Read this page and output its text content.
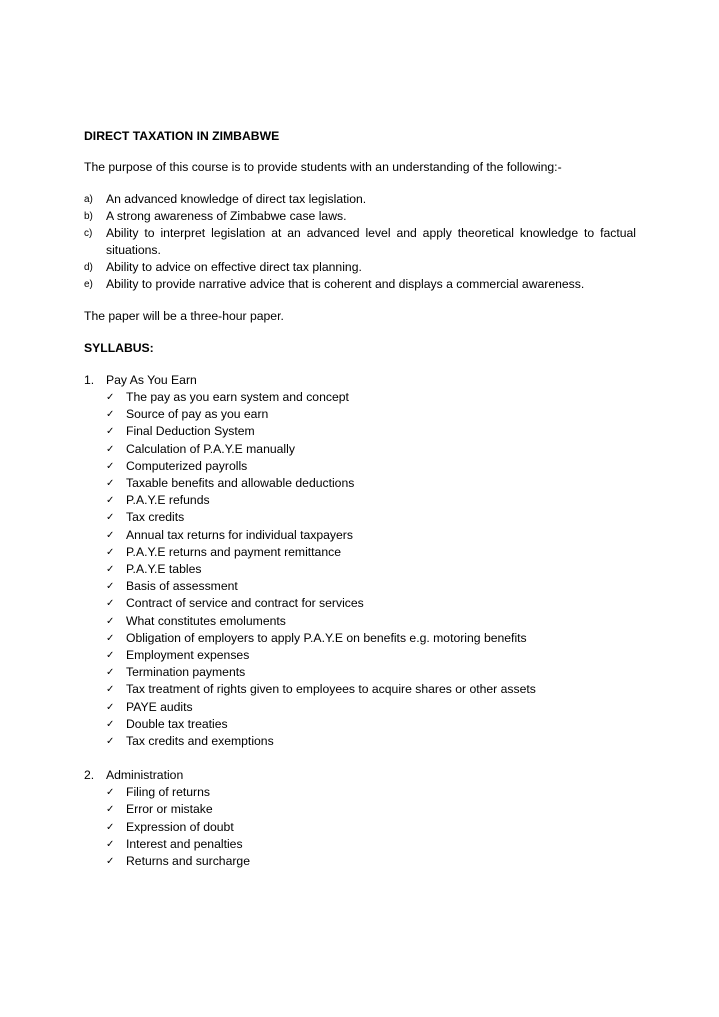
DIRECT TAXATION IN ZIMBABWE

The purpose of this course is to provide students with an understanding of the following:-

a) An advanced knowledge of direct tax legislation.
b) A strong awareness of Zimbabwe case laws.
c) Ability to interpret legislation at an advanced level and apply theoretical knowledge to factual situations.
d) Ability to advice on effective direct tax planning.
e) Ability to provide narrative advice that is coherent and displays a commercial awareness.

The paper will be a three-hour paper.

SYLLABUS:

1. Pay As You Earn
✓ The pay as you earn system and concept
✓ Source of pay as you earn
✓ Final Deduction System
✓ Calculation of P.A.Y.E manually
✓ Computerized payrolls
✓ Taxable benefits and allowable deductions
✓ P.A.Y.E refunds
✓ Tax credits
✓ Annual tax returns for individual taxpayers
✓ P.A.Y.E returns and payment remittance
✓ P.A.Y.E tables
✓ Basis of assessment
✓ Contract of service and contract for services
✓ What constitutes emoluments
✓ Obligation of employers to apply P.A.Y.E on benefits e.g. motoring benefits
✓ Employment expenses
✓ Termination payments
✓ Tax treatment of rights given to employees to acquire shares or other assets
✓ PAYE audits
✓ Double tax treaties
✓ Tax credits and exemptions
2. Administration
✓ Filing of returns
✓ Error or mistake
✓ Expression of doubt
✓ Interest and penalties
✓ Returns and surcharge
